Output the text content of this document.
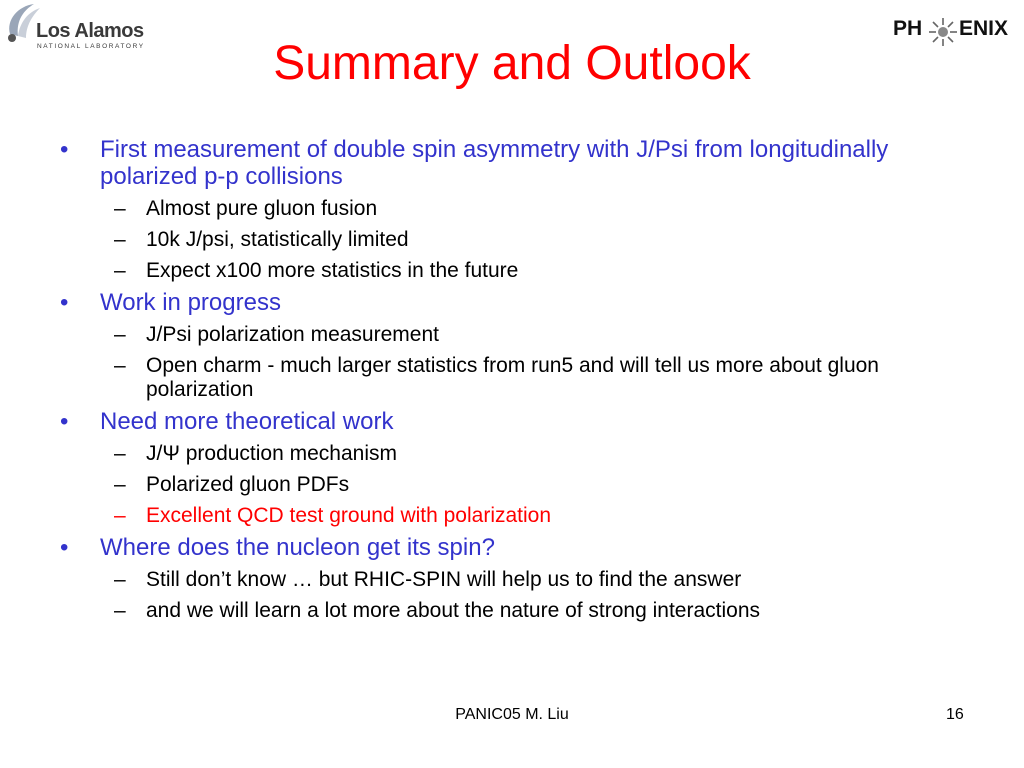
Los Alamos
NATIONAL LABORATORY
PH ENIX
Summary and Outlook
• First measurement of double spin asymmetry with J/Psi from longitudinally polarized p-p collisions
– Almost pure gluon fusion
– 10k J/psi, statistically limited
– Expect x100 more statistics in the future
• Work in progress
– J/Psi polarization measurement
– Open charm - much larger statistics from run5 and will tell us more about gluon polarization
• Need more theoretical work
– J/Ψ production mechanism
– Polarized gluon PDFs
– Excellent QCD test ground with polarization
• Where does the nucleon get its spin?
– Still don’t know … but RHIC-SPIN will help us to find the answer
– and we will learn a lot more about the nature of strong interactions
PANIC05 M. Liu	16
